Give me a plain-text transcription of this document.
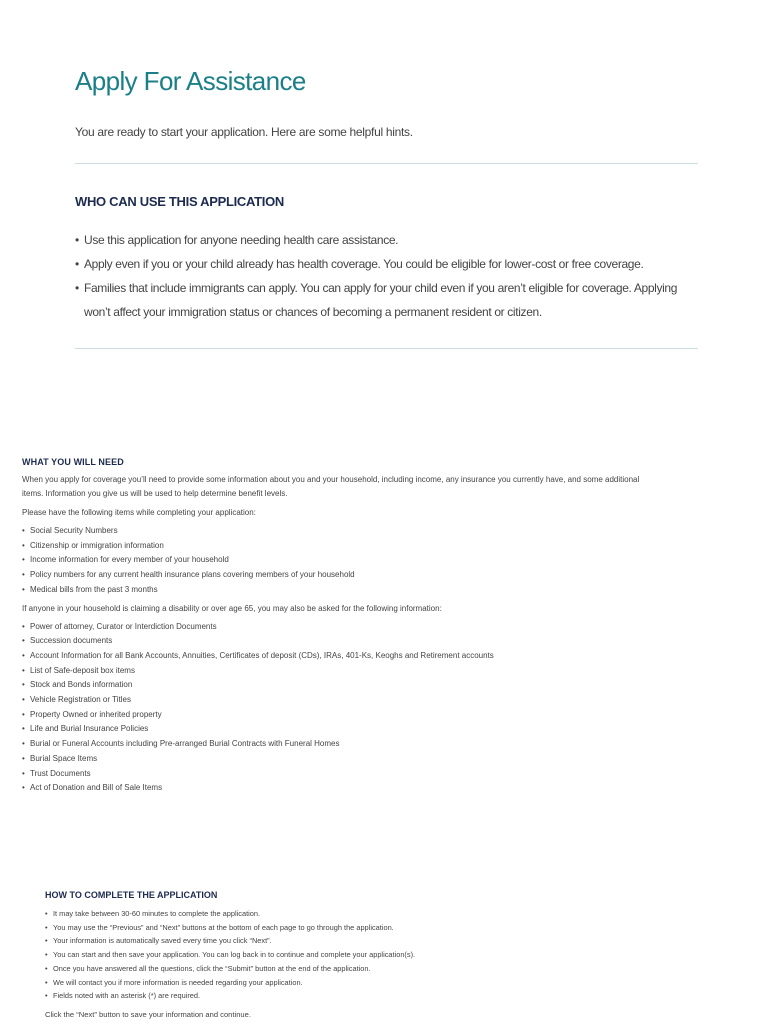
Apply For Assistance

You are ready to start your application. Here are some helpful hints.

WHO CAN USE THIS APPLICATION
• Use this application for anyone needing health care assistance.
• Apply even if you or your child already has health coverage. You could be eligible for lower-cost or free coverage.
• Families that include immigrants can apply. You can apply for your child even if you aren’t eligible for coverage. Applying won’t affect your immigration status or chances of becoming a permanent resident or citizen.
WHAT YOU WILL NEED

When you apply for coverage you’ll need to provide some information about you and your household, including income, any insurance you currently have, and some additional items. Information you give us will be used to help determine benefit levels.

Please have the following items while completing your application:

• Social Security Numbers
• Citizenship or immigration information
• Income information for every member of your household
• Policy numbers for any current health insurance plans covering members of your household
• Medical bills from the past 3 months

If anyone in your household is claiming a disability or over age 65, you may also be asked for the following information:

• Power of attorney, Curator or Interdiction Documents
• Succession documents
• Account Information for all Bank Accounts, Annuities, Certificates of deposit (CDs), IRAs, 401-Ks, Keoghs and Retirement accounts
• List of Safe-deposit box items
• Stock and Bonds information
• Vehicle Registration or Titles
• Property Owned or inherited property
• Life and Burial Insurance Policies
• Burial or Funeral Accounts including Pre-arranged Burial Contracts with Funeral Homes
• Burial Space Items
• Trust Documents
• Act of Donation and Bill of Sale Items
HOW TO COMPLETE THE APPLICATION
• It may take between 30-60 minutes to complete the application.
• You may use the “Previous” and “Next” buttons at the bottom of each page to go through the application.
• Your information is automatically saved every time you click “Next”.
• You can start and then save your application. You can log back in to continue and complete your application(s).
• Once you have answered all the questions, click the “Submit” button at the end of the application.
• We will contact you if more information is needed regarding your application.
• Fields noted with an asterisk (*) are required.

Click the “Next” button to save your information and continue.
